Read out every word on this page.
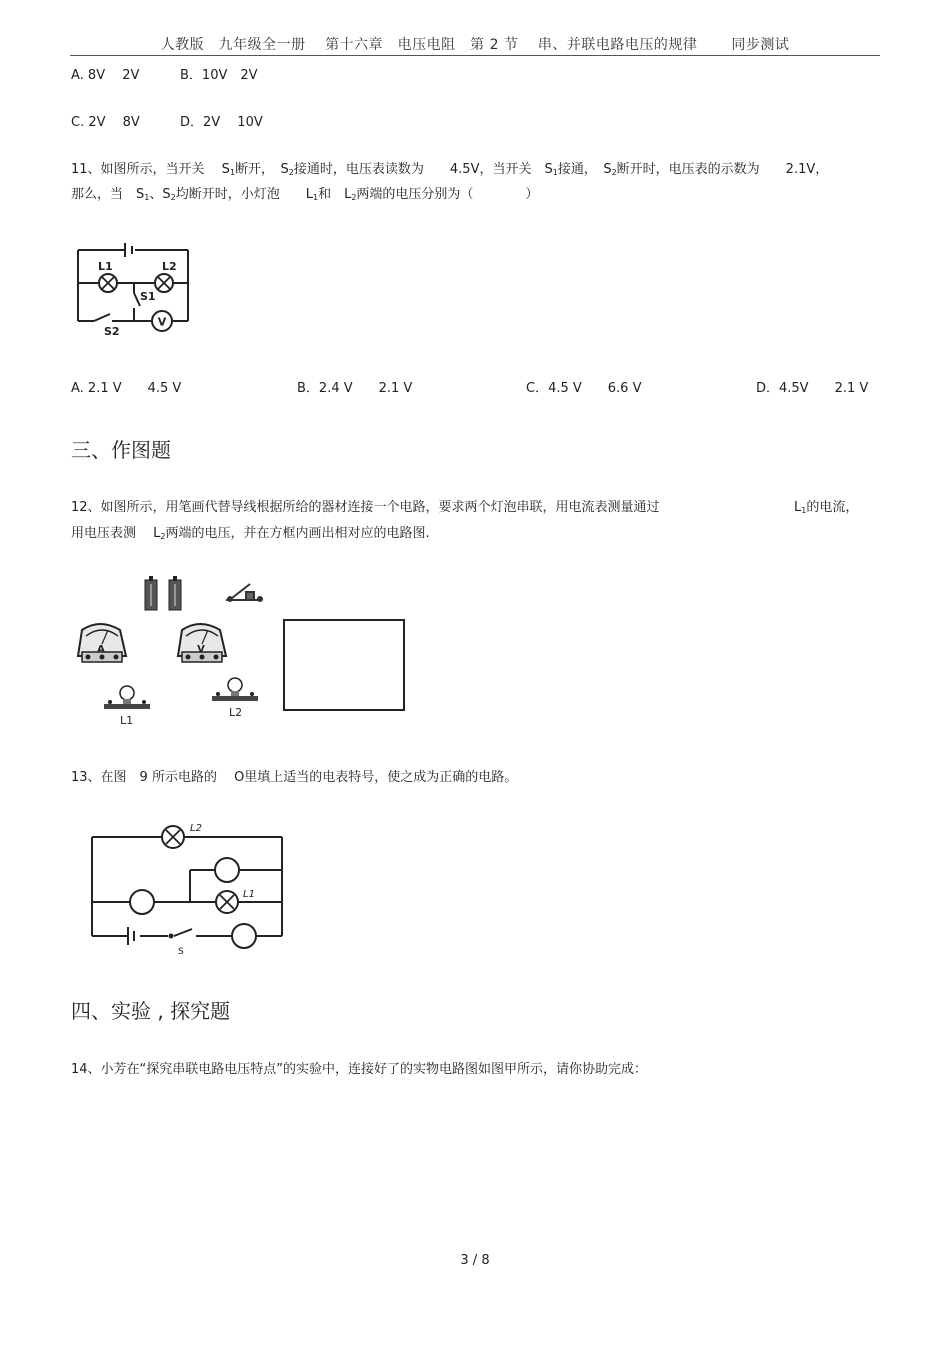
人教版　九年级全一册　 第十六章　电压电阻　第 2 节　 串、并联电路电压的规律　　 同步测试
A. 8V　 2V	B．10V　2V
C. 2V　 8V	D．2V　 10V
11、如图所示，当开关　 $S_1$断开，　$S_2$接通时，电压表读数为　　4.5V，当开关　$S_1$接通，　$S_2$断开时，电压表的示数为　　2.1V，
那么，当　$S_1$、$S_2$均断开时，小灯泡　　$L_1$和　$L_2$两端的电压分别为（　　　　）
V
L1	L2
S1
S2
A. 2.1 V　　4.5 V	B．2.4 V　　2.1 V	C．4.5 V　　6.6 V	D．4.5V　　2.1 V
三、作图题
12、如图所示，用笔画代替导线根据所给的器材连接一个电路，要求两个灯泡串联，用电流表测量通过	$L_1$的电流，
用电压表测　 $L_2$两端的电压，并在方框内画出相对应的电路图.
A	V
L1
L2
13、在图　9 所示电路的　 O里填上适当的电表特号，使之成为正确的电路。
L2
L1
S
四、实验 , 探究题
14、小芳在“探究串联电路电压特点”的实验中，连接好了的实物电路图如图甲所示，请你协助完成：
3 / 8
